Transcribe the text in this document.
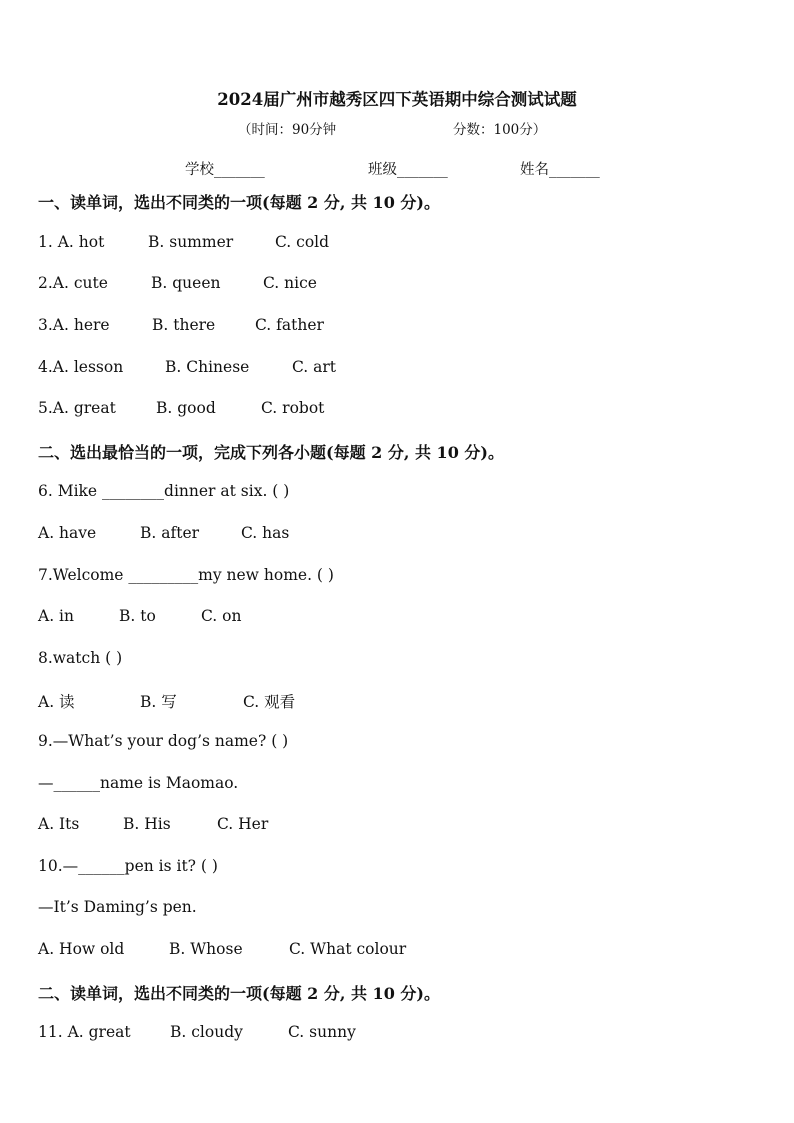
2024届广州市越秀区四下英语期中综合测试试题
（时间：90分钟	分数：100分）
学校_______	班级_______	姓名_______
一、读单词，选出不同类的一项(每题 2 分, 共 10 分)。
1. A. hot	B. summer	C. cold
2.A. cute	B. queen	C. nice
3.A. here	B. there	C. father
4.A. lesson	B. Chinese	C. art
5.A. great	B. good	C. robot
二、选出最恰当的一项，完成下列各小题(每题 2 分, 共 10 分)。
6. Mike ________dinner at six. ( )
A. have	B. after	C. has
7.Welcome _________my new home. ( )
A. in	B. to	C. on
8.watch ( )
A. 读	B. 写	C. 观看
9.—What’s your dog’s name? ( )
—______name is Maomao.
A. Its	B. His	C. Her
10.—______pen is it? ( )
—It’s Daming’s pen.
A. How old	B. Whose	C. What colour
二、读单词，选出不同类的一项(每题 2 分, 共 10 分)。
11. A. great	B. cloudy	C. sunny
